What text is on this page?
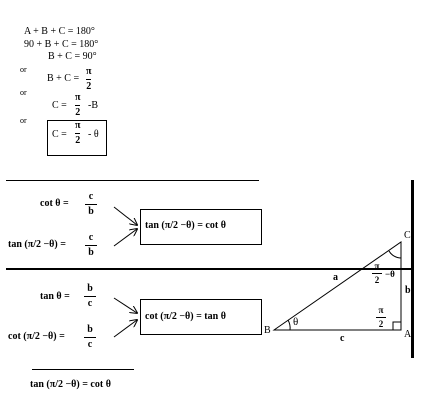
A + B + C = 180°
90 + B + C = 180°
B + C = 90°
or
B + C =
π
2
or
C =
π
2
-B
or
C =
π
2
- θ
cot θ =
c
b
tan (π/2 −θ) =
c
b
tan (π/2 −θ) = cot θ
tan θ =
b
c
cot (π/2 −θ) =
b
c
cot (π/2 −θ) = tan θ
tan (π/2 −θ) = cot θ
C
B	A
a
b
c
θ
π
2
−θ
π
2
